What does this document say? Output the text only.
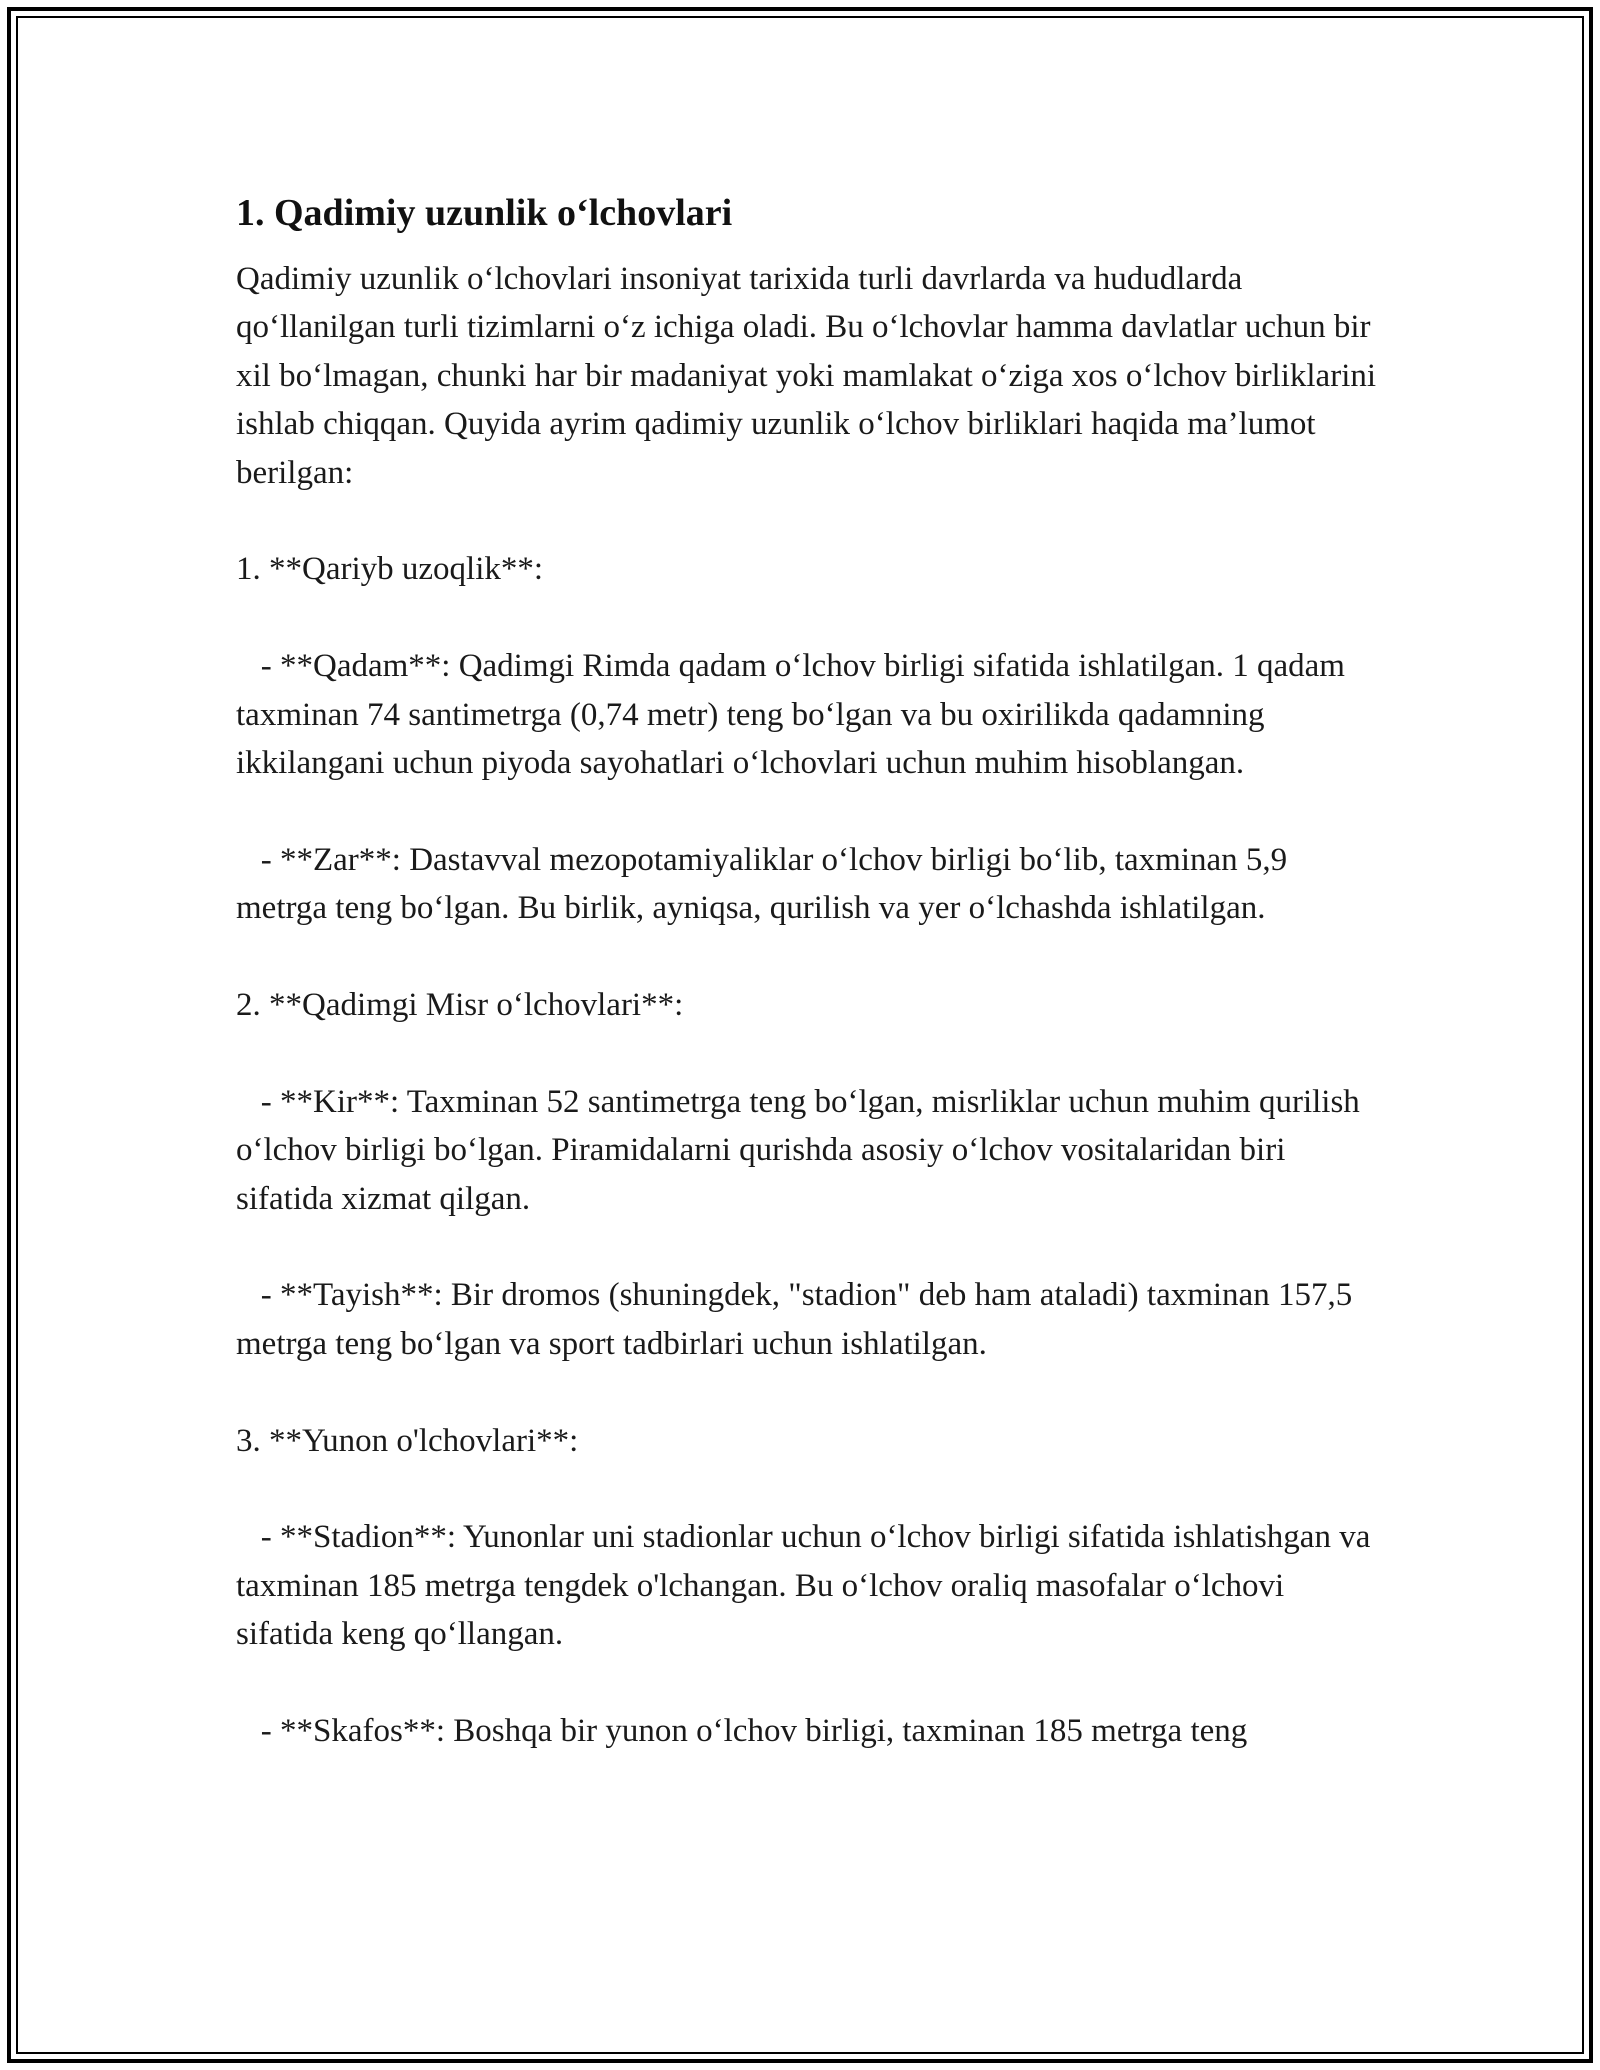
1. Qadimiy uzunlik o‘lchovlari

Qadimiy uzunlik o‘lchovlari insoniyat tarixida turli davrlarda va hududlarda qo‘llanilgan turli tizimlarni o‘z ichiga oladi. Bu o‘lchovlar hamma davlatlar uchun bir xil bo‘lmagan, chunki har bir madaniyat yoki mamlakat o‘ziga xos o‘lchov birliklarini ishlab chiqqan. Quyida ayrim qadimiy uzunlik o‘lchov birliklari haqida ma’lumot berilgan:

1. **Qariyb uzoqlik**:

- **Qadam**: Qadimgi Rimda qadam o‘lchov birligi sifatida ishlatilgan. 1 qadam taxminan 74 santimetrga (0,74 metr) teng bo‘lgan va bu oxirilikda qadamning ikkilangani uchun piyoda sayohatlari o‘lchovlari uchun muhim hisoblangan.

- **Zar**: Dastavval mezopotamiyaliklar o‘lchov birligi bo‘lib, taxminan 5,9 metrga teng bo‘lgan. Bu birlik, ayniqsa, qurilish va yer o‘lchashda ishlatilgan.

2. **Qadimgi Misr o‘lchovlari**:

- **Kir**: Taxminan 52 santimetrga teng bo‘lgan, misrliklar uchun muhim qurilish o‘lchov birligi bo‘lgan. Piramidalarni qurishda asosiy o‘lchov vositalaridan biri sifatida xizmat qilgan.

- **Tayish**: Bir dromos (shuningdek, "stadion" deb ham ataladi) taxminan 157,5 metrga teng bo‘lgan va sport tadbirlari uchun ishlatilgan.

3. **Yunon o'lchovlari**:

- **Stadion**: Yunonlar uni stadionlar uchun o‘lchov birligi sifatida ishlatishgan va taxminan 185 metrga tengdek o'lchangan. Bu o‘lchov oraliq masofalar o‘lchovi sifatida keng qo‘llangan.

- **Skafos**: Boshqa bir yunon o‘lchov birligi, taxminan 185 metrga teng
